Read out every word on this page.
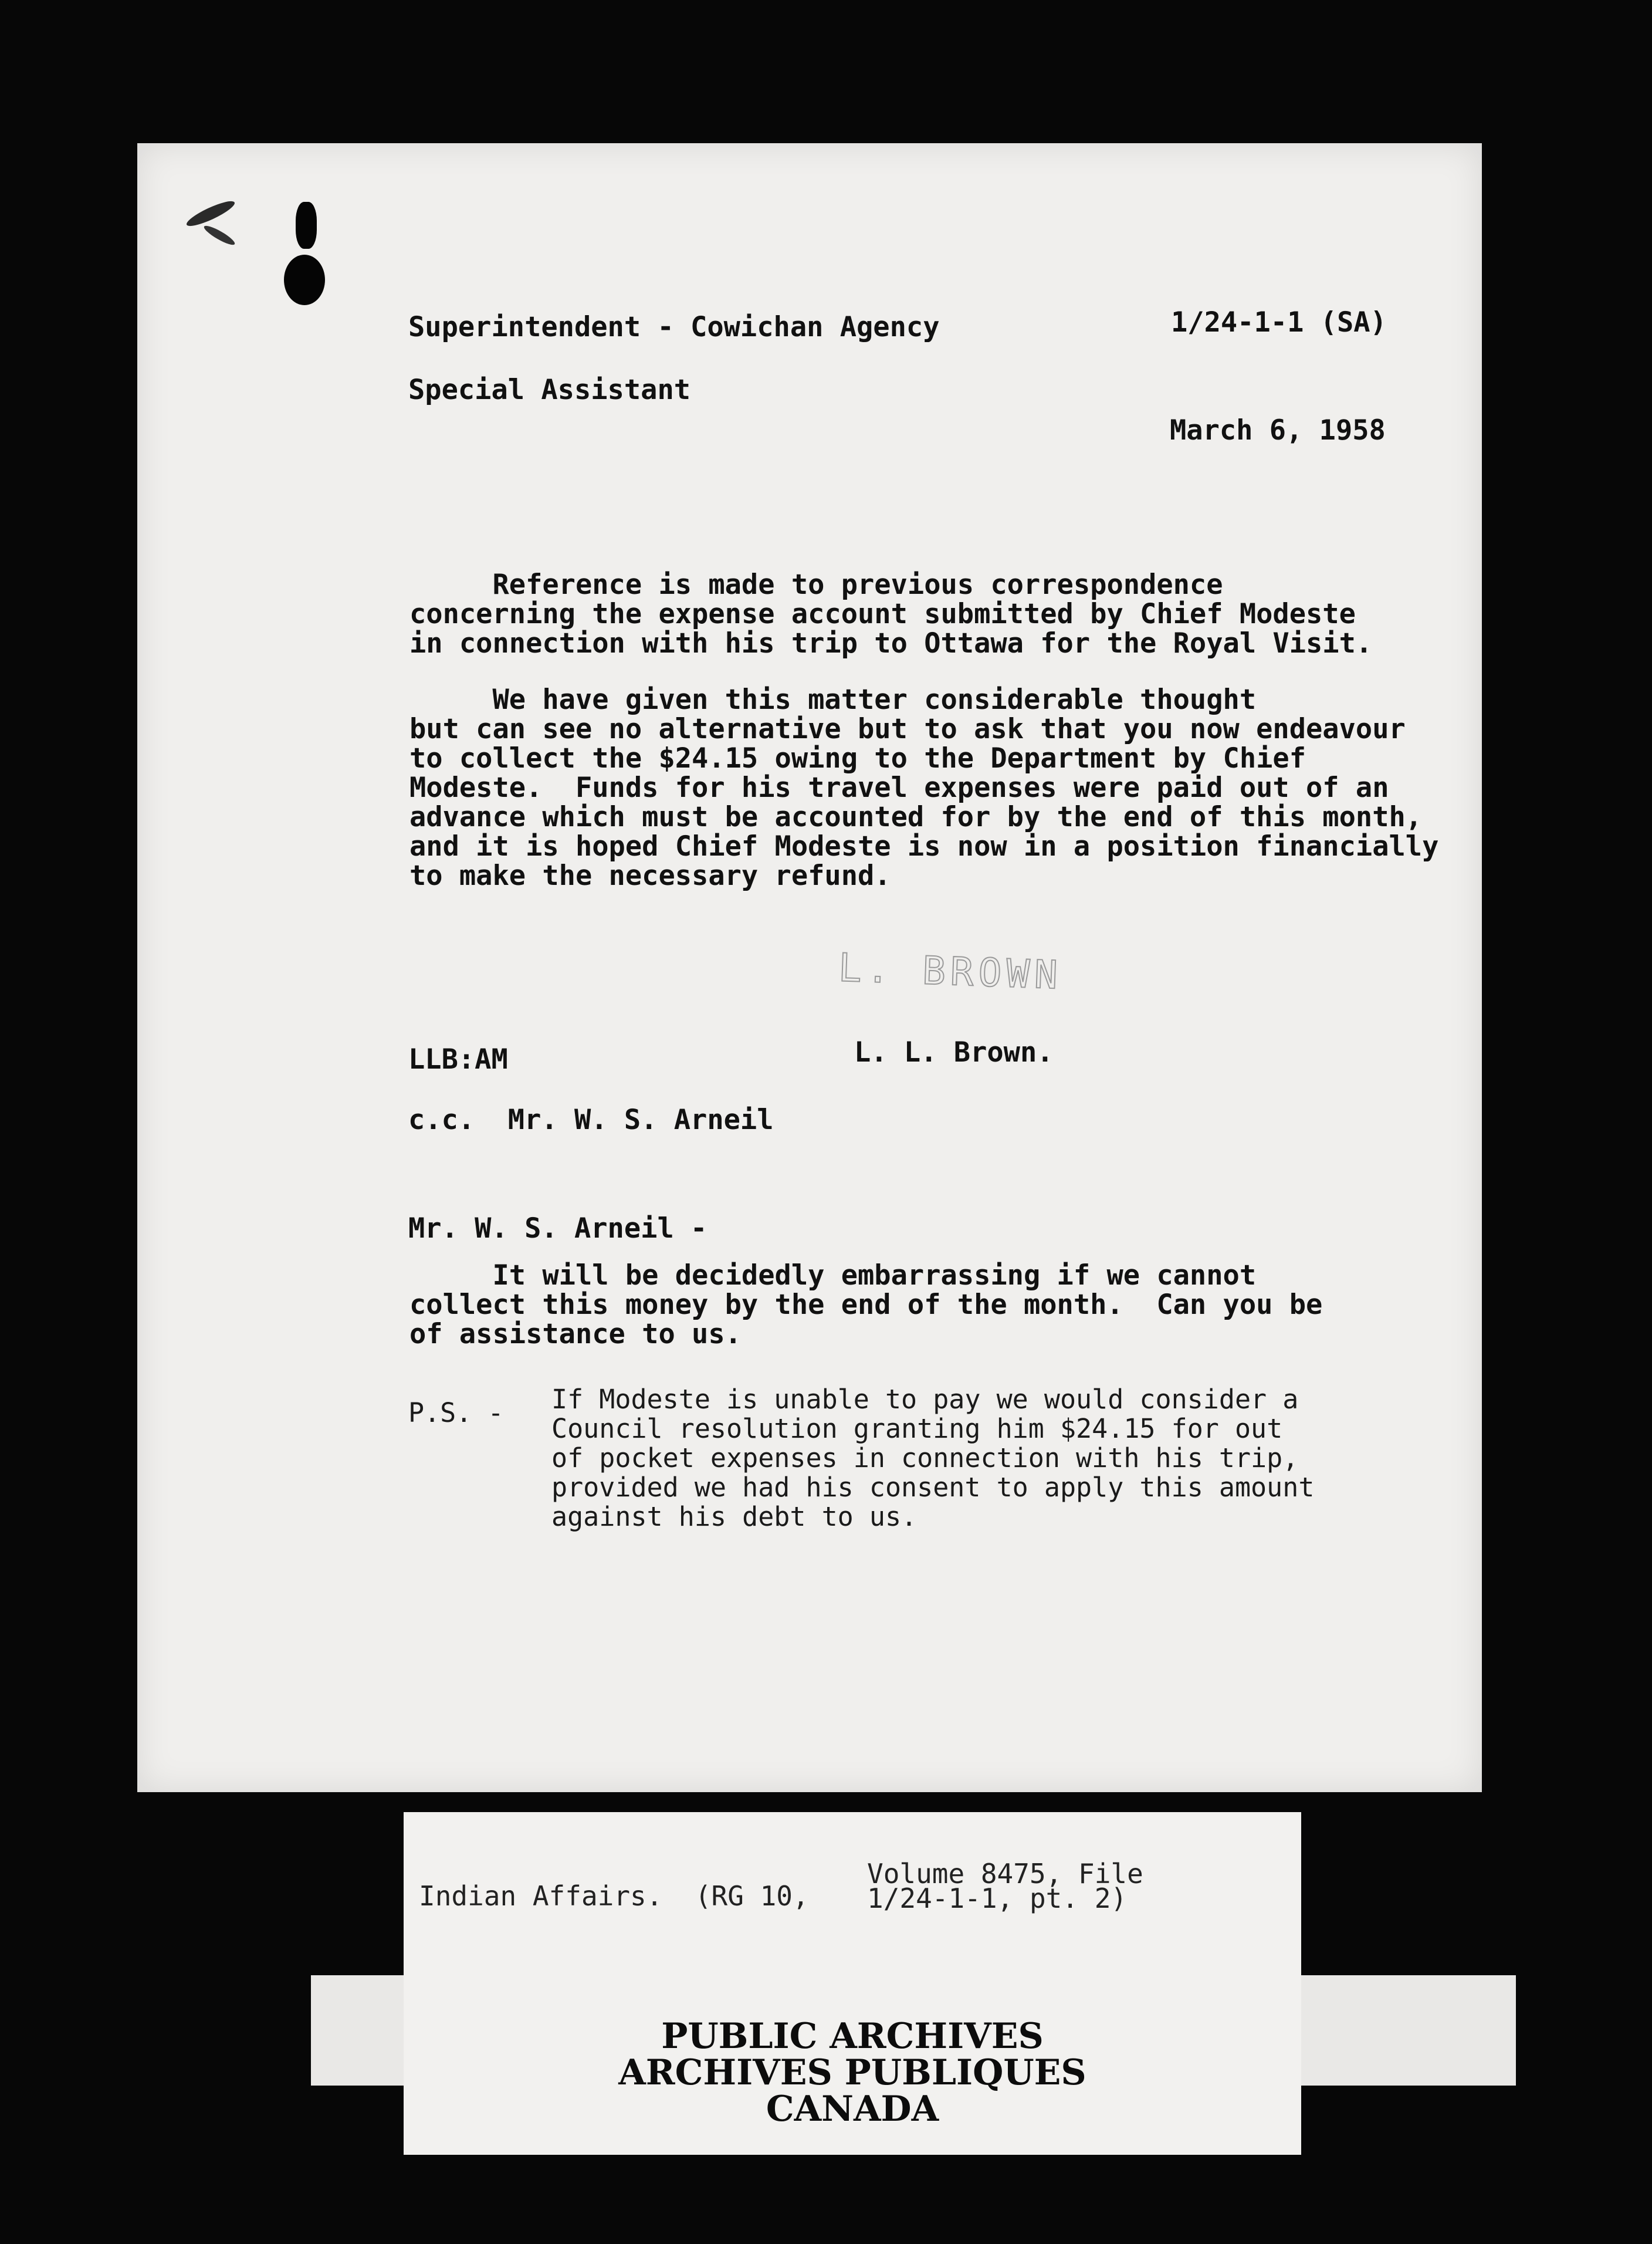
Superintendent - Cowichan Agency	1/24-1-1 (SA)
Special Assistant
March 6, 1958
Reference is made to previous correspondence
concerning the expense account submitted by Chief Modeste
in connection with his trip to Ottawa for the Royal Visit.
We have given this matter considerable thought
but can see no alternative but to ask that you now endeavour
to collect the $24.15 owing to the Department by Chief
Modeste.  Funds for his travel expenses were paid out of an
advance which must be accounted for by the end of this month,
and it is hoped Chief Modeste is now in a position financially
to make the necessary refund.
L. BROWN
LLB:AM	L. L. Brown.
c.c.  Mr. W. S. Arneil
Mr. W. S. Arneil -
It will be decidedly embarrassing if we cannot
collect this money by the end of the month.  Can you be
of assistance to us.
P.S. - If Modeste is unable to pay we would consider a
Council resolution granting him $24.15 for out
of pocket expenses in connection with his trip,
provided we had his consent to apply this amount
against his debt to us.
Indian Affairs.  (RG 10,
Volume 8475, File
1/24-1-1, pt. 2)
PUBLIC ARCHIVES
ARCHIVES PUBLIQUES
CANADA
